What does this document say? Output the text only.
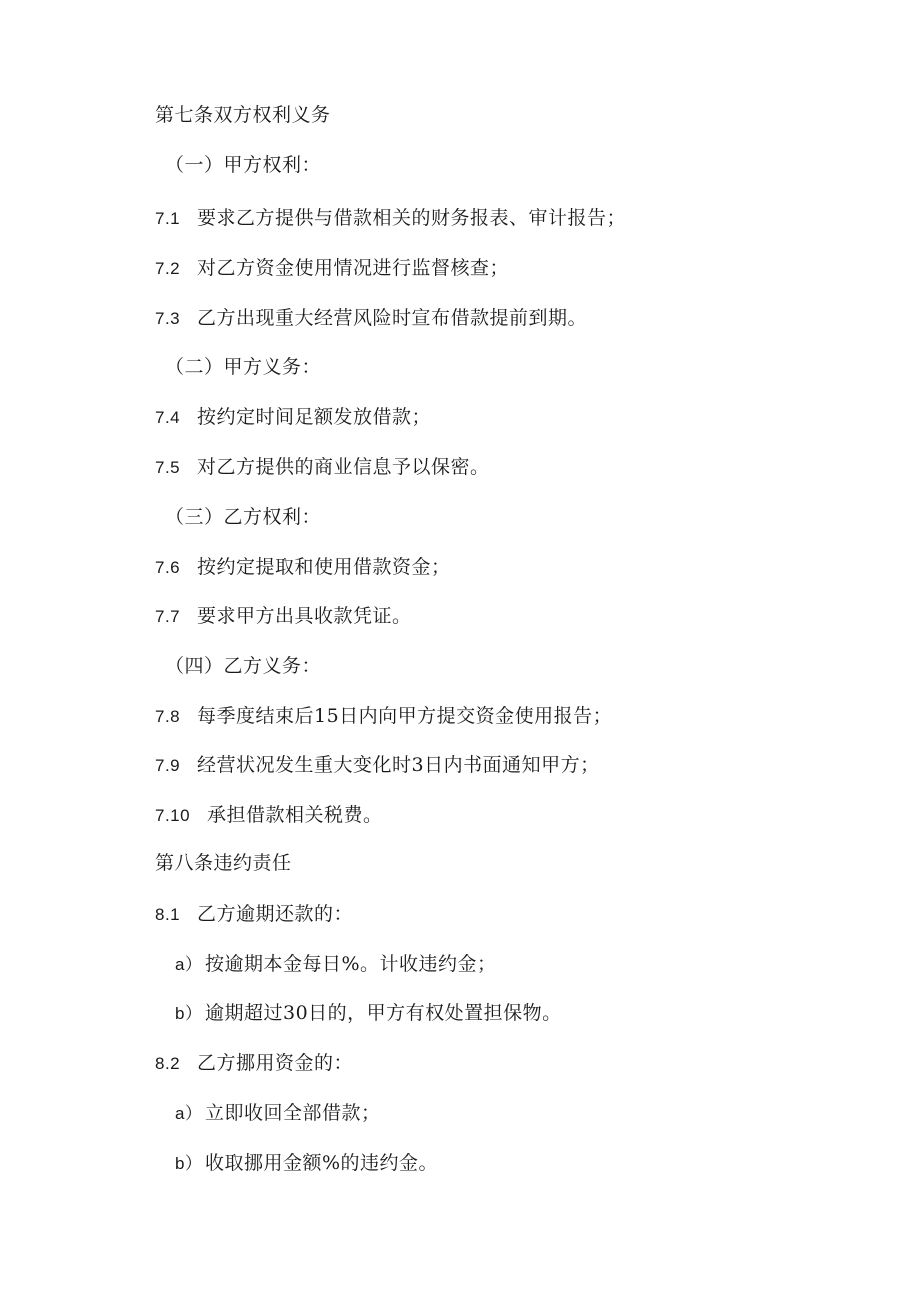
第七条双方权利义务
（一）甲方权利：
7.1 要求乙方提供与借款相关的财务报表、审计报告；
7.2 对乙方资金使用情况进行监督核查；
7.3 乙方出现重大经营风险时宣布借款提前到期。
（二）甲方义务：
7.4 按约定时间足额发放借款；
7.5 对乙方提供的商业信息予以保密。
（三）乙方权利：
7.6 按约定提取和使用借款资金；
7.7 要求甲方出具收款凭证。
（四）乙方义务：
7.8 每季度结束后15日内向甲方提交资金使用报告；
7.9 经营状况发生重大变化时3日内书面通知甲方；
7.10 承担借款相关税费。
第八条违约责任
8.1 乙方逾期还款的：
a） 按逾期本金每日%。计收违约金；
b） 逾期超过30日的，甲方有权处置担保物。
8.2 乙方挪用资金的：
a） 立即收回全部借款；
b） 收取挪用金额%的违约金。
